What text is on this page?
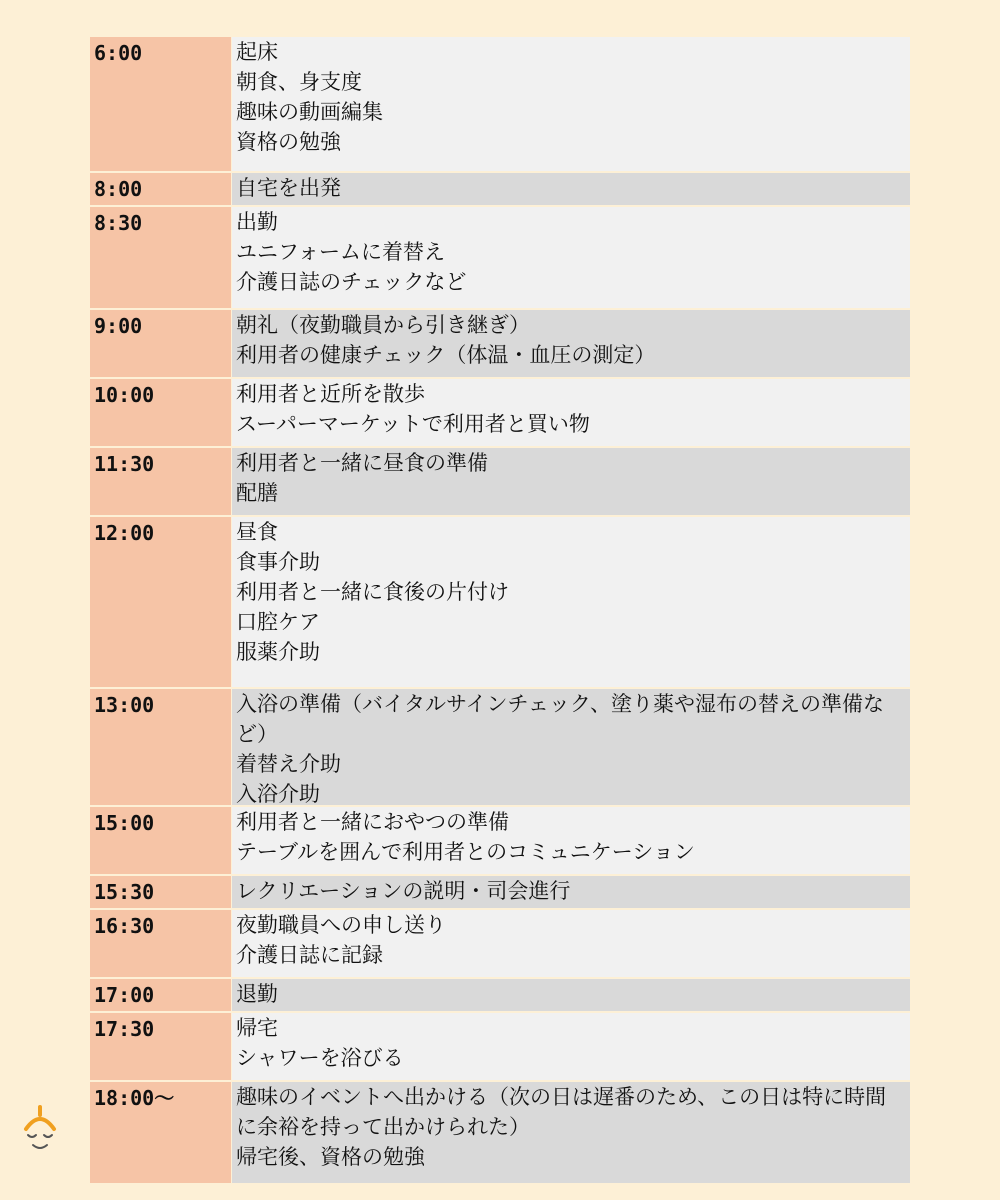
6:00	起床
朝食、身支度
趣味の動画編集
資格の勉強
8:00	自宅を出発
8:30	出勤
ユニフォームに着替え
介護日誌のチェックなど
9:00	朝礼（夜勤職員から引き継ぎ）
利用者の健康チェック（体温・血圧の測定）
10:00	利用者と近所を散歩
スーパーマーケットで利用者と買い物
11:30	利用者と一緒に昼食の準備
配膳
12:00	昼食
食事介助
利用者と一緒に食後の片付け
口腔ケア
服薬介助
13:00	入浴の準備（バイタルサインチェック、塗り薬や湿布の替えの準備など）
着替え介助
入浴介助
15:00	利用者と一緒におやつの準備
テーブルを囲んで利用者とのコミュニケーション
15:30	レクリエーションの説明・司会進行
16:30	夜勤職員への申し送り
介護日誌に記録
17:00	退勤
17:30	帰宅
シャワーを浴びる
18:00～	趣味のイベントへ出かける（次の日は遅番のため、この日は特に時間に余裕を持って出かけられた）
帰宅後、資格の勉強
